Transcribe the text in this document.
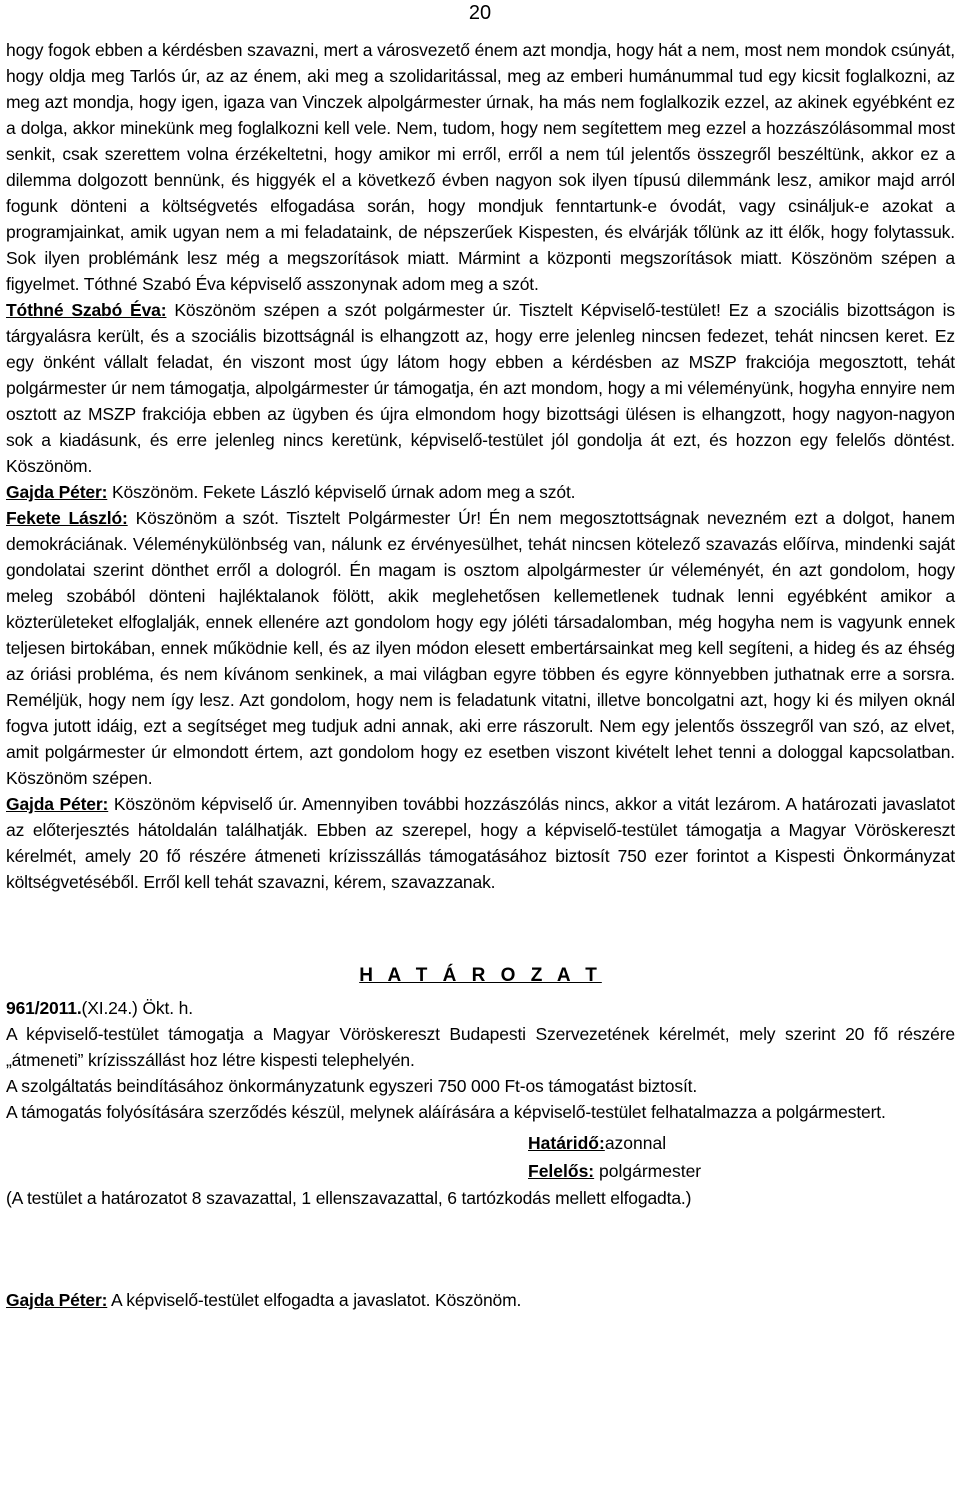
20

hogy fogok ebben a kérdésben szavazni, mert a városvezető énem azt mondja, hogy hát a nem, most nem mondok csúnyát, hogy oldja meg Tarlós úr, az az énem, aki meg a szolidaritással, meg az emberi humánummal tud egy kicsit foglalkozni, az meg azt mondja, hogy igen, igaza van Vinczek alpolgármester úrnak, ha más nem foglalkozik ezzel, az akinek egyébként ez a dolga, akkor minekünk meg foglalkozni kell vele. Nem, tudom, hogy nem segítettem meg ezzel a hozzászólásommal most senkit, csak szerettem volna érzékeltetni, hogy amikor mi erről, erről a nem túl jelentős összegről beszéltünk, akkor ez a dilemma dolgozott bennünk, és higgyék el a következő évben nagyon sok ilyen típusú dilemmánk lesz, amikor majd arról fogunk dönteni a költségvetés elfogadása során, hogy mondjuk fenntartunk-e óvodát, vagy csináljuk-e azokat a programjainkat, amik ugyan nem a mi feladataink, de népszerűek Kispesten, és elvárják tőlünk az itt élők, hogy folytassuk. Sok ilyen problémánk lesz még a megszorítások miatt. Mármint a központi megszorítások miatt. Köszönöm szépen a figyelmet. Tóthné Szabó Éva képviselő asszonynak adom meg a szót.

Tóthné Szabó Éva: Köszönöm szépen a szót polgármester úr. Tisztelt Képviselő-testület! Ez a szociális bizottságon is tárgyalásra került, és a szociális bizottságnál is elhangzott az, hogy erre jelenleg nincsen fedezet, tehát nincsen keret. Ez egy önként vállalt feladat, én viszont most úgy látom hogy ebben a kérdésben az MSZP frakciója megosztott, tehát polgármester úr nem támogatja, alpolgármester úr támogatja, én azt mondom, hogy a mi véleményünk, hogyha ennyire nem osztott az MSZP frakciója ebben az ügyben és újra elmondom hogy bizottsági ülésen is elhangzott, hogy nagyon-nagyon sok a kiadásunk, és erre jelenleg nincs keretünk, képviselő-testület jól gondolja át ezt, és hozzon egy felelős döntést. Köszönöm.

Gajda Péter: Köszönöm. Fekete László képviselő úrnak adom meg a szót.

Fekete László: Köszönöm a szót. Tisztelt Polgármester Úr! Én nem megosztottságnak nevezném ezt a dolgot, hanem demokráciának. Véleménykülönbség van, nálunk ez érvényesülhet, tehát nincsen kötelező szavazás előírva, mindenki saját gondolatai szerint dönthet erről a dologról. Én magam is osztom alpolgármester úr véleményét, én azt gondolom, hogy meleg szobából dönteni hajléktalanok fölött, akik meglehetősen kellemetlenek tudnak lenni egyébként amikor a közterületeket elfoglalják, ennek ellenére azt gondolom hogy egy jóléti társadalomban, még hogyha nem is vagyunk ennek teljesen birtokában, ennek működnie kell, és az ilyen módon elesett embertársainkat meg kell segíteni, a hideg és az éhség az óriási probléma, és nem kívánom senkinek, a mai világban egyre többen és egyre könnyebben juthatnak erre a sorsra. Reméljük, hogy nem így lesz. Azt gondolom, hogy nem is feladatunk vitatni, illetve boncolgatni azt, hogy ki és milyen oknál fogva jutott idáig, ezt a segítséget meg tudjuk adni annak, aki erre rászorult. Nem egy jelentős összegről van szó, az elvet, amit polgármester úr elmondott értem, azt gondolom hogy ez esetben viszont kivételt lehet tenni a dologgal kapcsolatban. Köszönöm szépen.

Gajda Péter: Köszönöm képviselő úr. Amennyiben további hozzászólás nincs, akkor a vitát lezárom. A határozati javaslatot az előterjesztés hátoldalán találhatják. Ebben az szerepel, hogy a képviselő-testület támogatja a Magyar Vöröskereszt kérelmét, amely 20 fő részére átmeneti krízisszállás támogatásához biztosít 750 ezer forintot a Kispesti Önkormányzat költségvetéséből. Erről kell tehát szavazni, kérem, szavazzanak.

H A T Á R O Z A T

961/2011.(XI.24.) Ökt. h.

A képviselő-testület támogatja a Magyar Vöröskereszt Budapesti Szervezetének kérelmét, mely szerint 20 fő részére „átmeneti” krízisszállást hoz létre kispesti telephelyén.

A szolgáltatás beindításához önkormányzatunk egyszeri 750 000 Ft-os támogatást biztosít.

A támogatás folyósítására szerződés készül, melynek aláírására a képviselő-testület felhatalmazza a polgármestert.

Határidő:azonnal

Felelős: polgármester

(A testület a határozatot 8 szavazattal, 1 ellenszavazattal, 6 tartózkodás mellett elfogadta.)

Gajda Péter: A képviselő-testület elfogadta a javaslatot. Köszönöm.
